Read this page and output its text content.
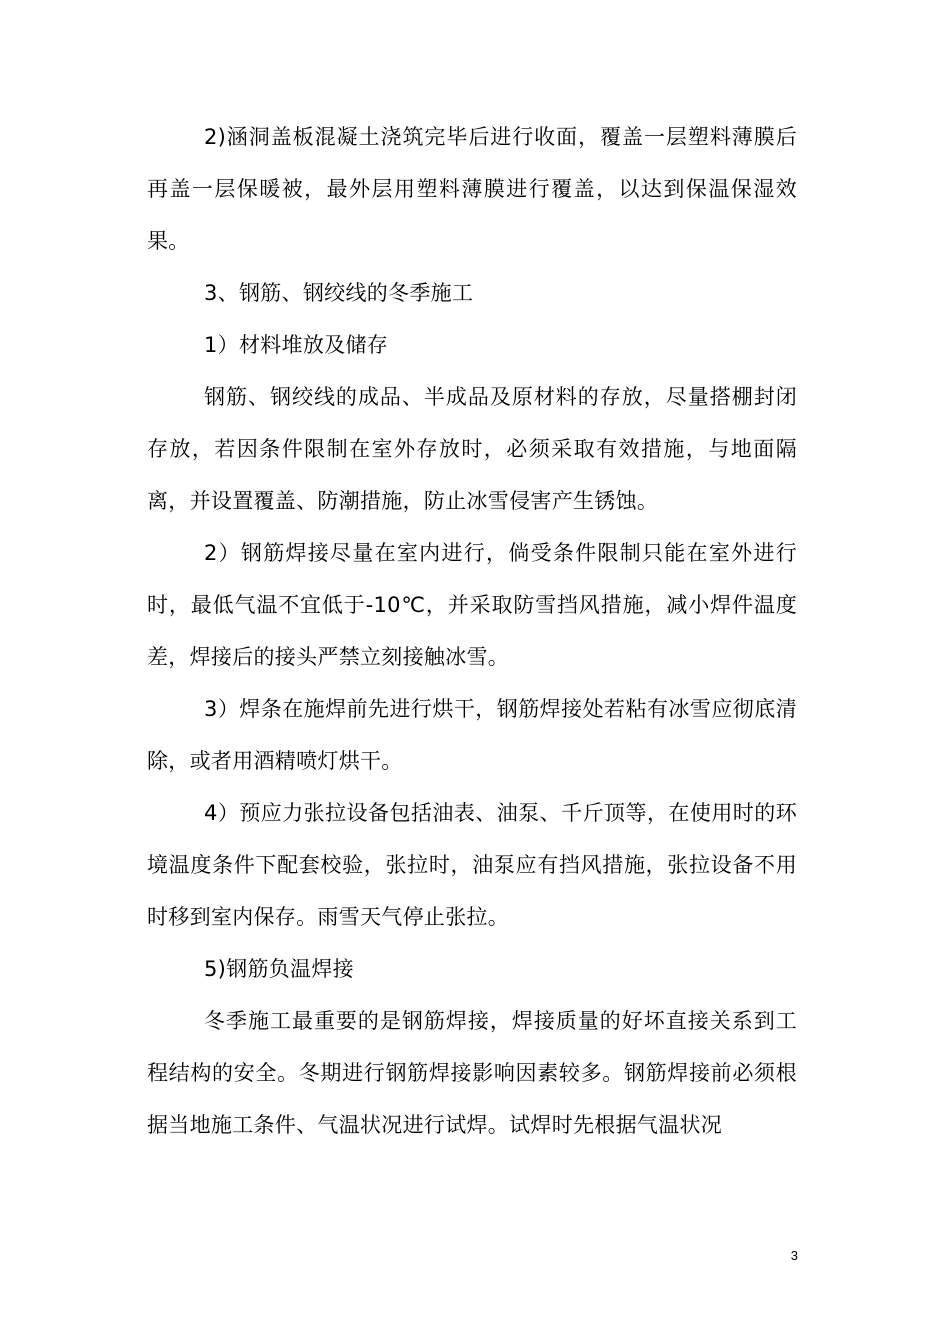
2)涵洞盖板混凝土浇筑完毕后进行收面，覆盖一层塑料薄膜后再盖一层保暖被，最外层用塑料薄膜进行覆盖，以达到保温保湿效果。

3、钢筋、钢绞线的冬季施工

1）材料堆放及储存

钢筋、钢绞线的成品、半成品及原材料的存放，尽量搭棚封闭存放，若因条件限制在室外存放时，必须采取有效措施，与地面隔离，并设置覆盖、防潮措施，防止冰雪侵害产生锈蚀。

2）钢筋焊接尽量在室内进行，倘受条件限制只能在室外进行时，最低气温不宜低于-10℃，并采取防雪挡风措施，减小焊件温度差，焊接后的接头严禁立刻接触冰雪。

3）焊条在施焊前先进行烘干，钢筋焊接处若粘有冰雪应彻底清除，或者用酒精喷灯烘干。

4）预应力张拉设备包括油表、油泵、千斤顶等，在使用时的环境温度条件下配套校验，张拉时，油泵应有挡风措施，张拉设备不用时移到室内保存。雨雪天气停止张拉。

5)钢筋负温焊接

冬季施工最重要的是钢筋焊接，焊接质量的好坏直接关系到工程结构的安全。冬期进行钢筋焊接影响因素较多。钢筋焊接前必须根据当地施工条件、气温状况进行试焊。试焊时先根据气温状况

3
